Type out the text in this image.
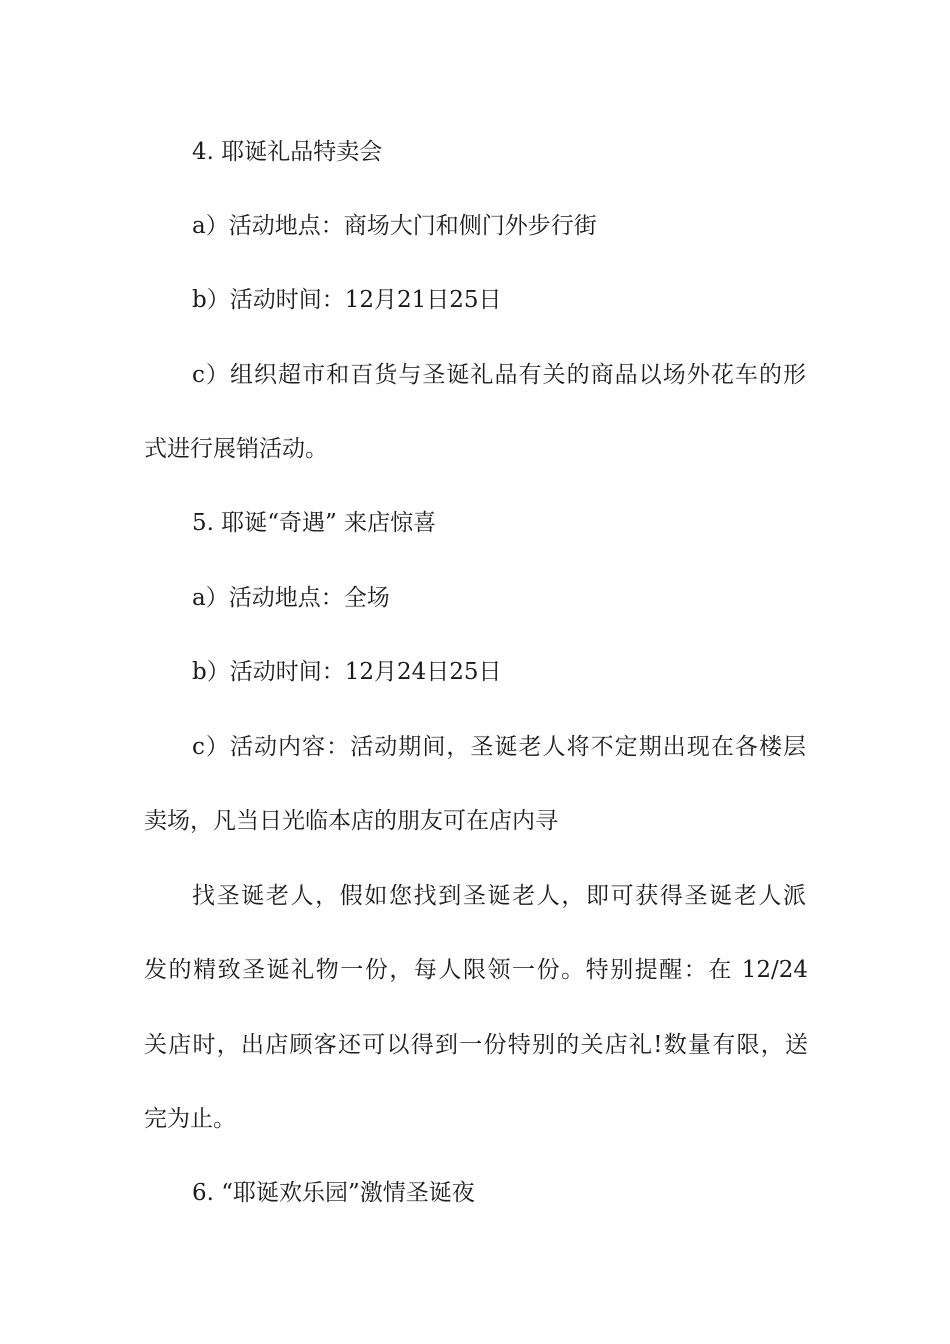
4. 耶诞礼品特卖会
a）活动地点：商场大门和侧门外步行街
b）活动时间：12月21日25日
c）组织超市和百货与圣诞礼品有关的商品以场外花车的形
式进行展销活动。
5. 耶诞“奇遇” 来店惊喜
a）活动地点：全场
b）活动时间：12月24日25日
c）活动内容：活动期间，圣诞老人将不定期出现在各楼层
卖场，凡当日光临本店的朋友可在店内寻
找圣诞老人，假如您找到圣诞老人，即可获得圣诞老人派
发的精致圣诞礼物一份，每人限领一份。特别提醒：在 12/24
关店时，出店顾客还可以得到一份特别的关店礼!数量有限，送
完为止。
6. “耶诞欢乐园”激情圣诞夜
